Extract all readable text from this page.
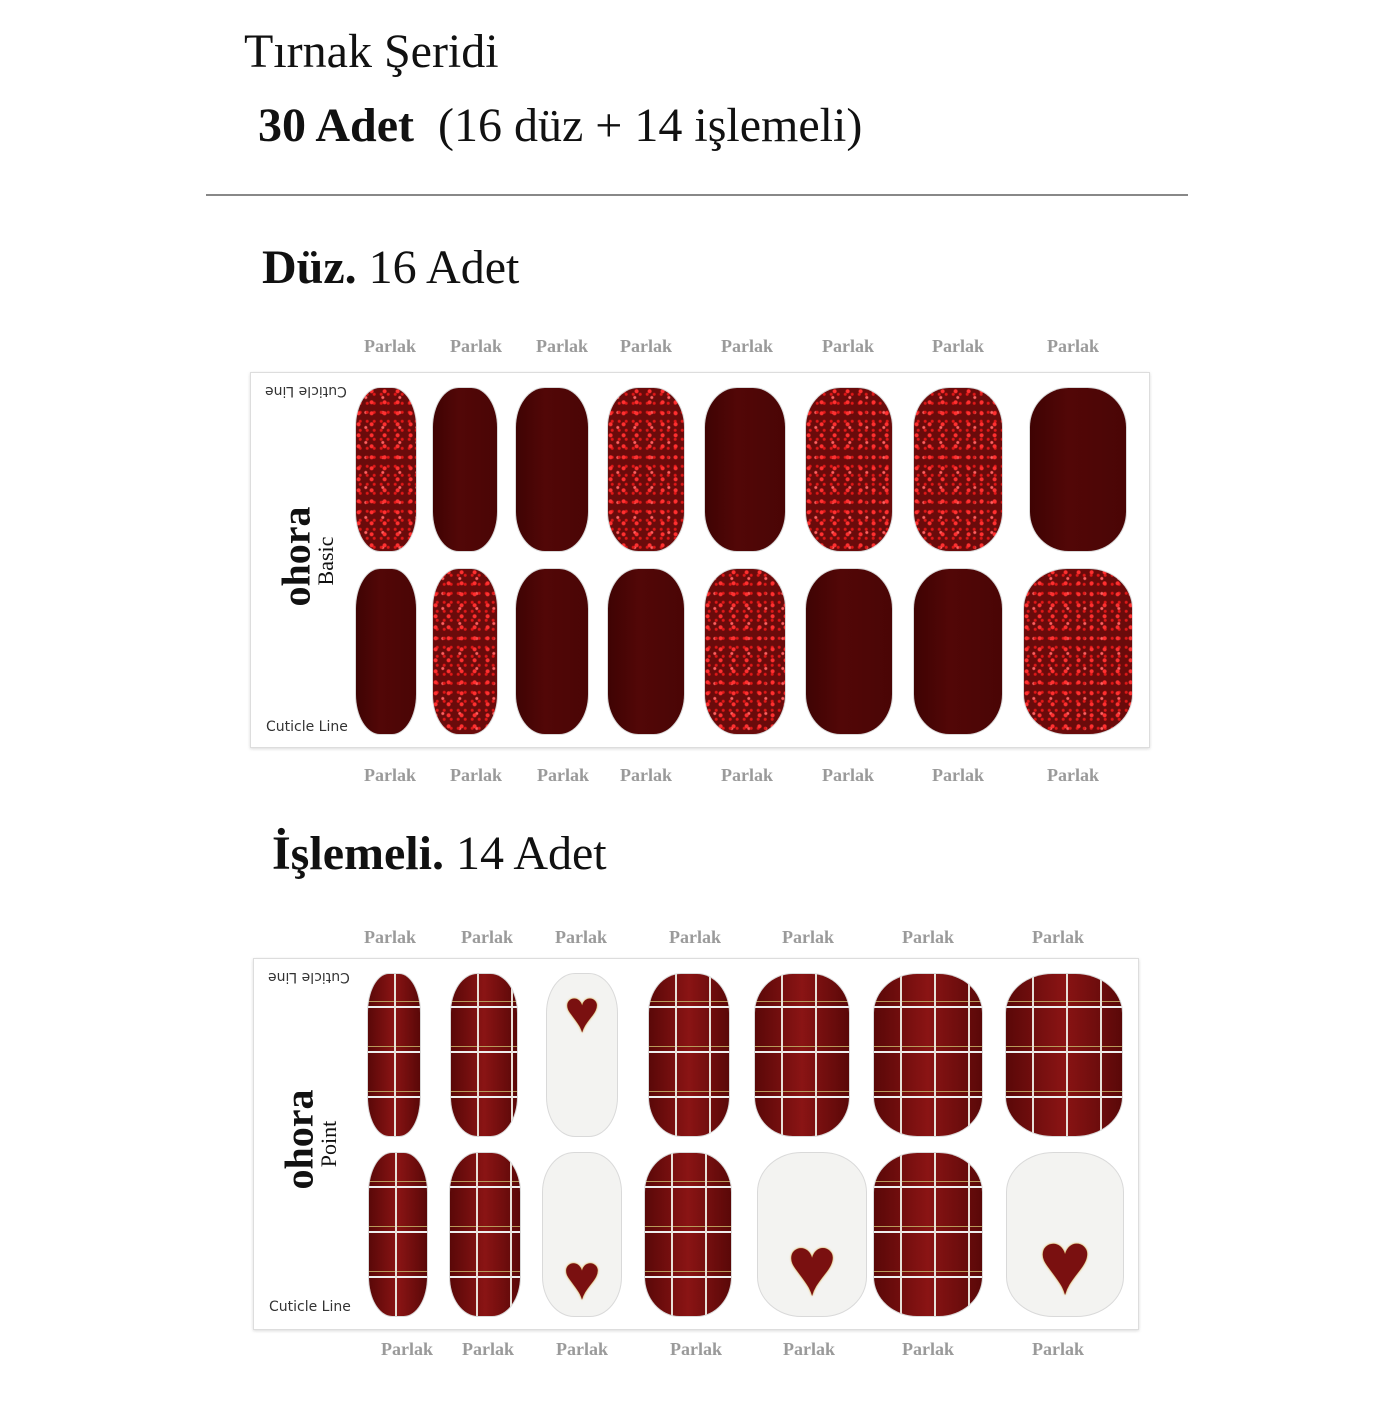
Tırnak Şeridi
30 Adet (16 düz + 14 işlemeli)
Düz. 16 Adet
Cuticle Line
ohora
Basic
Cuticle Line
İşlemeli. 14 Adet
Cuticle Line
ohora
Point
Cuticle Line
♥
♥ ♥ ♥
Parlak Parlak Parlak Parlak	Parlak	Parlak	Parlak	Parlak
Parlak Parlak Parlak Parlak	Parlak	Parlak	Parlak	Parlak
Parlak	Parlak Parlak	Parlak	Parlak	Parlak	Parlak
Parlak Parlak Parlak	Parlak	Parlak	Parlak	Parlak
